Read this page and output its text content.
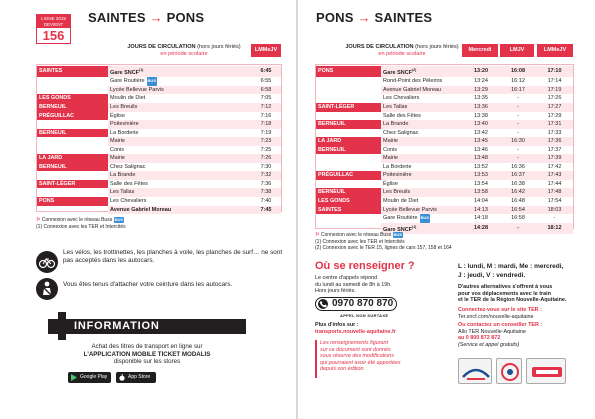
LIGNE 2019 DEVIENT
156
SAINTES → PONS
JOURS DE CIRCULATION (hors jours fériés)
en période scolaire
LMMeJV
SAINTES	Gare SNCF$^{(1)}$	6:45
	Gare Routière BUS	6:55
	Lycée Bellevue Parvis	6:58
LES GONDS	Moulin de Diet	7:05
BERNEUIL	Les Breuils	7:12
PRÉGUILLAC	Église	7:16
	Poitevinière	7:18
BERNEUIL	La Borderie	7:19
	Mairie	7:23
	Conis	7:25
LA JARD	Mairie	7:26
BERNEUIL	Chez Salignac	7:30
	La Brande	7:32
SAINT-LÉGER	Salle des Fêtes	7:36
	Les Tallas	7:38
PONS	Les Chevaliers	7:40
	Avenue Gabriel Moreau	7:45
⚐ Connexion avec le réseau Buss BUS
(1) Connexion avec les TER et Intercités
Les vélos, les trottinettes, les planches à voile, les planches de surf… ne sont pas acceptés dans les autocars.
Vous êtes tenus d'attacher votre ceinture dans les autocars.
INFORMATION
Achat des titres de transport en ligne sur
L'APPLICATION MOBILE TICKET MODALIS
disponible sur les stores
Google Play	App Store
PONS → SAINTES
JOURS DE CIRCULATION (hors jours fériés)
en période scolaire
Mercredi	LMJV	LMMeJV
PONS	Gare SNCF$^{(2)}$	13:20	16:08	17:10
	Rond-Point des Pèlerins	13:24	16:12	17:14
	Avenue Gabriel Moreau	13:29	16:17	17:19
	Les Chevaliers	13:35	-	17:26
SAINT-LÉGER	Les Tallas	13:36	-	17:27
	Salle des Fêtes	13:38	-	17:29
BERNEUIL	La Brande	13:40	-	17:31
	Chez Salignac	13:42	-	17:33
LA JARD	Mairie	13:45	16:30	17:36
BERNEUIL	Conis	13:46	-	17:37
	Mairie	13:48	-	17:39
	La Borderie	13:52	16:36	17:42
PRÉGUILLAC	Poitevinière	13:53	16:37	17:43
	Église	13:54	16:38	17:44
BERNEUIL	Les Breuils	13:58	16:42	17:48
LES GONDS	Moulin de Diet	14:04	16:48	17:54
SAINTES	Lycée Bellevue Parvis	14:13	16:54	18:03
	Gare Routière BUS	14:18	16:58	-
	Gare SNCF$^{(1)}$	14:28	-	18:12
⚐ Connexion avec le réseau Buss BUS
(1) Connexion avec les TER et Intercités
(2) Connexion avec le TER 15, lignes de cars 157, 158 et 164
Où se renseigner ?
Le centre d'appels répond
du lundi au samedi de 8h à 19h.
Hors jours fériés.
0970 870 870
APPEL NON SURTAXÉ
Plus d'infos sur :
transports.nouvelle-aquitaine.fr
Les renseignements figurant
sur ce document sont donnés
sous réserve des modifications
qui pourraient avoir été apportées
depuis son édition.
L : lundi, M : mardi, Me : mercredi,
J : jeudi, V : vendredi.
D'autres alternatives s'offrent à vous
pour vos déplacements avec le train
et le TER de la Région Nouvelle-Aquitaine.
Connectez-vous sur le site TER :
Ter.sncf.com/nouvelle-aquitaine
Ou contactez un conseiller TER :
Allo TER Nouvelle-Aquitaine
au 0 800 872 872
(Service et appel gratuits)
